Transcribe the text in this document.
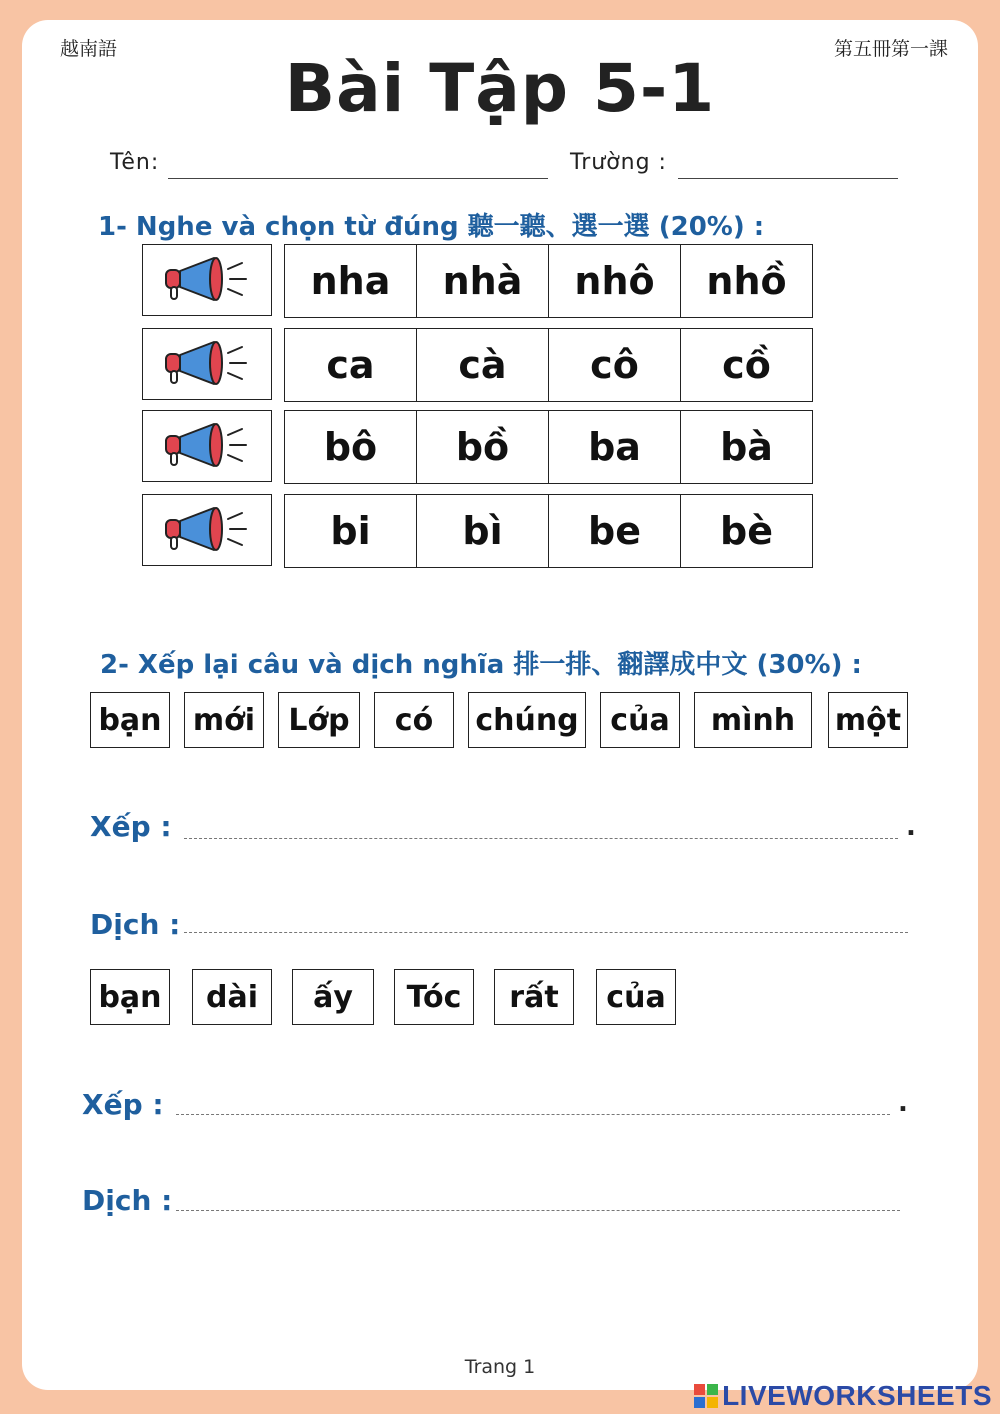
越南語	第五冊第一課
Bài Tập 5-1
Tên:	Trường :
1- Nghe và chọn từ đúng 聽一聽、選一選 (20%) :
nha	nhà	nhô	nhồ
ca	cà	cô	cồ
bô	bồ	ba	bà
bi	bì	be	bè
2- Xếp lại câu và dịch nghĩa 排一排、翻譯成中文 (30%) :
bạn mới	Lớp	có	chúng	của	mình	một
Xếp :	.
Dịch :
bạn	dài	ấy	Tóc	rất	của
Xếp :	.
Dịch :
Trang 1
LIVEWORKSHEETS
